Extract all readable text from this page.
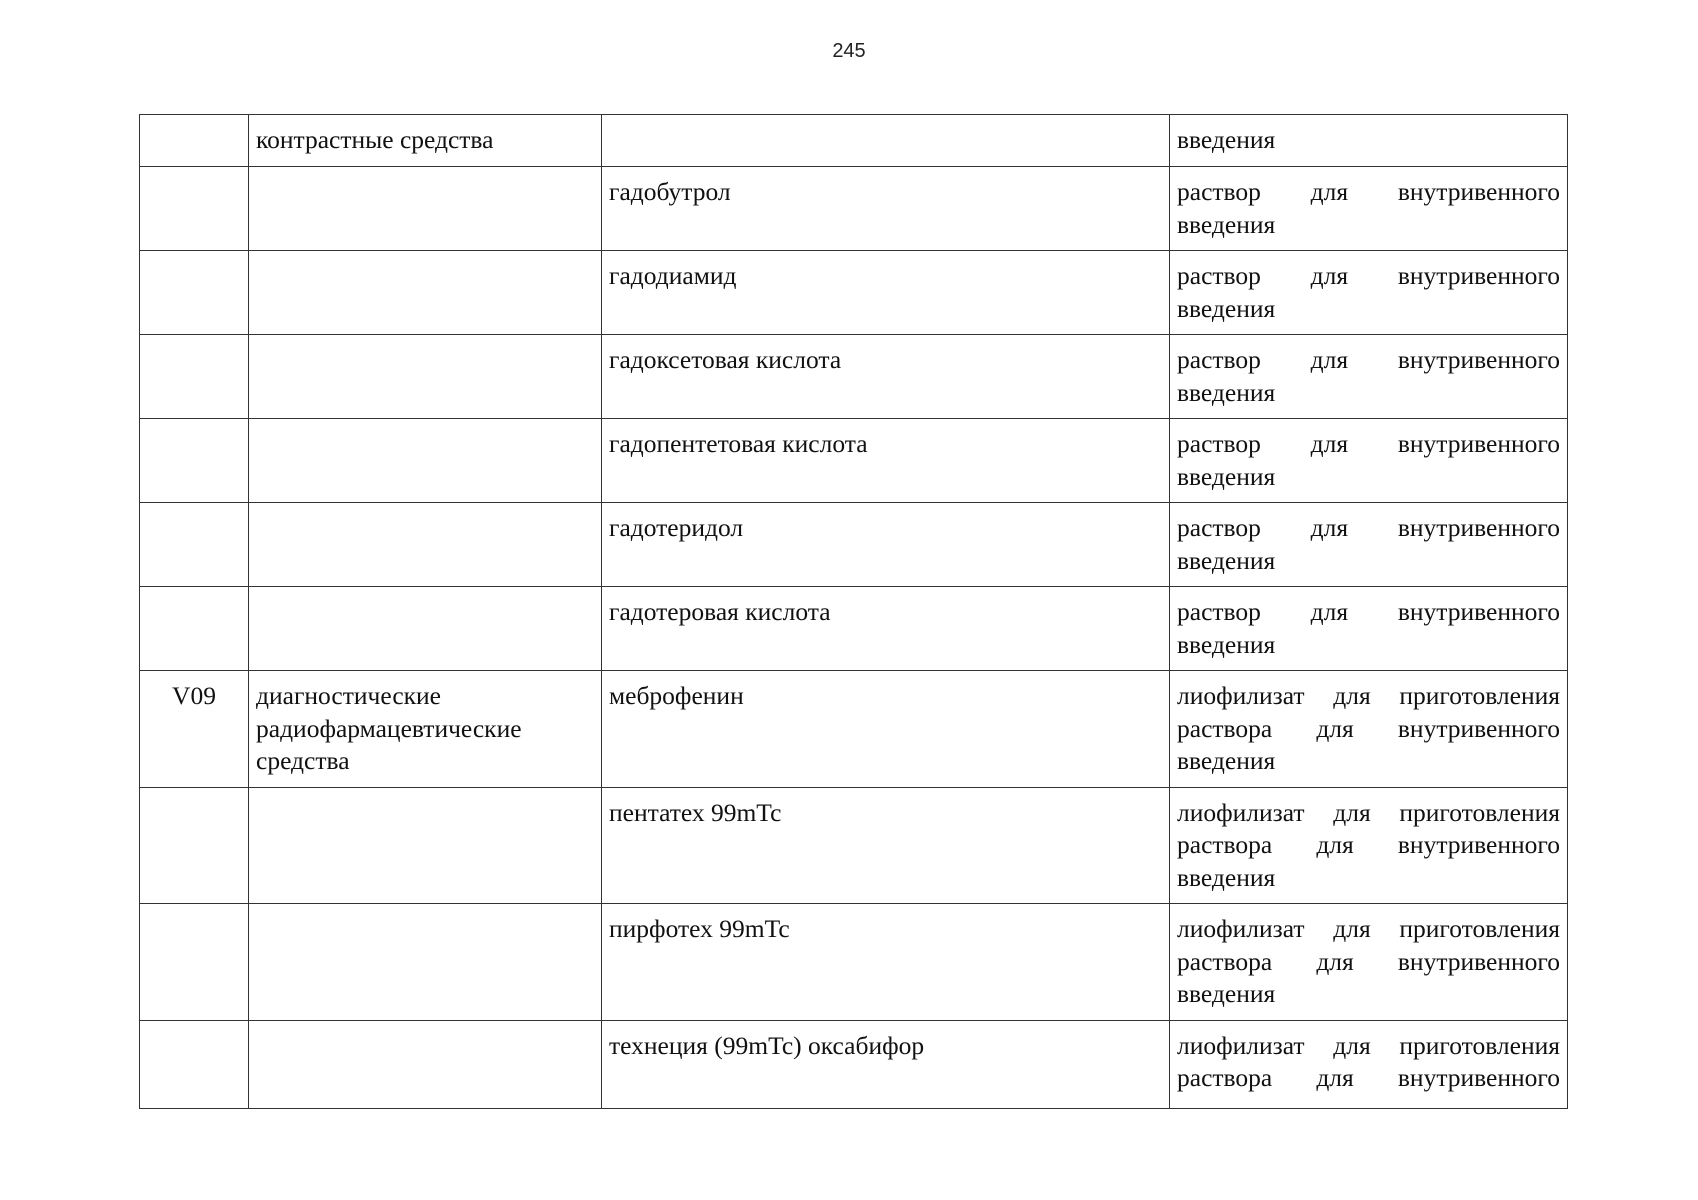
245
	контрастные средства		введения
		гадобутрол	раствор для внутривенного введения
		гадодиамид	раствор для внутривенного введения
		гадоксетовая кислота	раствор для внутривенного введения
		гадопентетовая кислота	раствор для внутривенного введения
		гадотеридол	раствор для внутривенного введения
		гадотеровая кислота	раствор для внутривенного введения
V09	диагностические радиофармацевтические средства	меброфенин	лиофилизат для приготовления раствора для внутривенного введения
		пентатех 99mTc	лиофилизат для приготовления раствора для внутривенного введения
		пирфотех 99mTc	лиофилизат для приготовления раствора для внутривенного введения
		технеция (99mTc) оксабифор	лиофилизат для приготовления раствора для внутривенного
